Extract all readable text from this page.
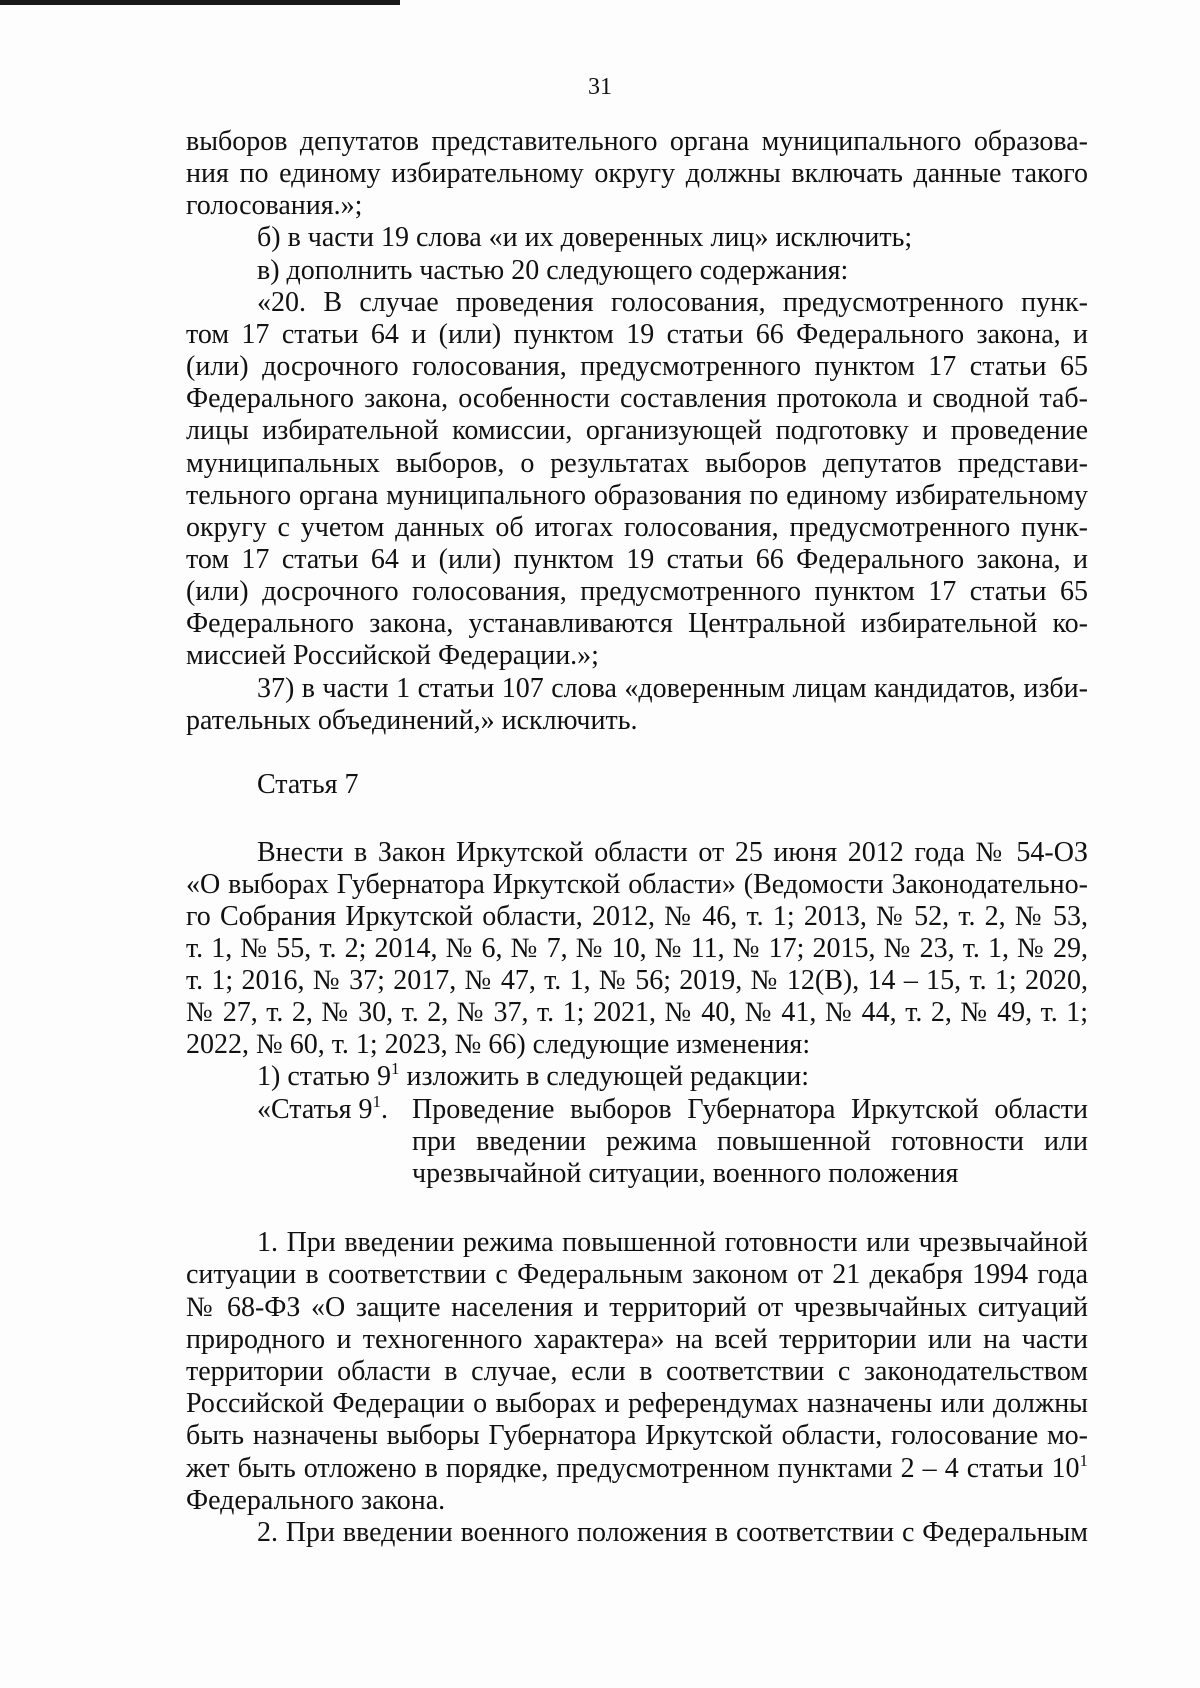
31
выборов депутатов представительного органа муниципального образова-
ния по единому избирательному округу должны включать данные такого
голосования.»;
б) в части 19 слова «и их доверенных лиц» исключить;
в) дополнить частью 20 следующего содержания:
«20. В случае проведения голосования, предусмотренного пунк-
том 17 статьи 64 и (или) пунктом 19 статьи 66 Федерального закона, и
(или) досрочного голосования, предусмотренного пунктом 17 статьи 65
Федерального закона, особенности составления протокола и сводной таб-
лицы избирательной комиссии, организующей подготовку и проведение
муниципальных выборов, о результатах выборов депутатов представи-
тельного органа муниципального образования по единому избирательному
округу с учетом данных об итогах голосования, предусмотренного пунк-
том 17 статьи 64 и (или) пунктом 19 статьи 66 Федерального закона, и
(или) досрочного голосования, предусмотренного пунктом 17 статьи 65
Федерального закона, устанавливаются Центральной избирательной ко-
миссией Российской Федерации.»;
37) в части 1 статьи 107 слова «доверенным лицам кандидатов, изби-
рательных объединений,» исключить.
Статья 7
Внести в Закон Иркутской области от 25 июня 2012 года № 54-ОЗ
«О выборах Губернатора Иркутской области» (Ведомости Законодательно-
го Собрания Иркутской области, 2012, № 46, т. 1; 2013, № 52, т. 2, № 53,
т. 1, № 55, т. 2; 2014, № 6, № 7, № 10, № 11, № 17; 2015, № 23, т. 1, № 29,
т. 1; 2016, № 37; 2017, № 47, т. 1, № 56; 2019, № 12(В), 14 – 15, т. 1; 2020,
№ 27, т. 2, № 30, т. 2, № 37, т. 1; 2021, № 40, № 41, № 44, т. 2, № 49, т. 1;
2022, № 60, т. 1; 2023, № 66) следующие изменения:
1) статью $9^1$ изложить в следующей редакции:
«Статья $9^1$. Проведение выборов Губернатора Иркутской области
при введении режима повышенной готовности или
чрезвычайной ситуации, военного положения
1. При введении режима повышенной готовности или чрезвычайной
ситуации в соответствии с Федеральным законом от 21 декабря 1994 года
№ 68-ФЗ «О защите населения и территорий от чрезвычайных ситуаций
природного и техногенного характера» на всей территории или на части
территории области в случае, если в соответствии с законодательством
Российской Федерации о выборах и референдумах назначены или должны
быть назначены выборы Губернатора Иркутской области, голосование мо-
жет быть отложено в порядке, предусмотренном пунктами 2 – 4 статьи $10^1$
Федерального закона.
2. При введении военного положения в соответствии с Федеральным
